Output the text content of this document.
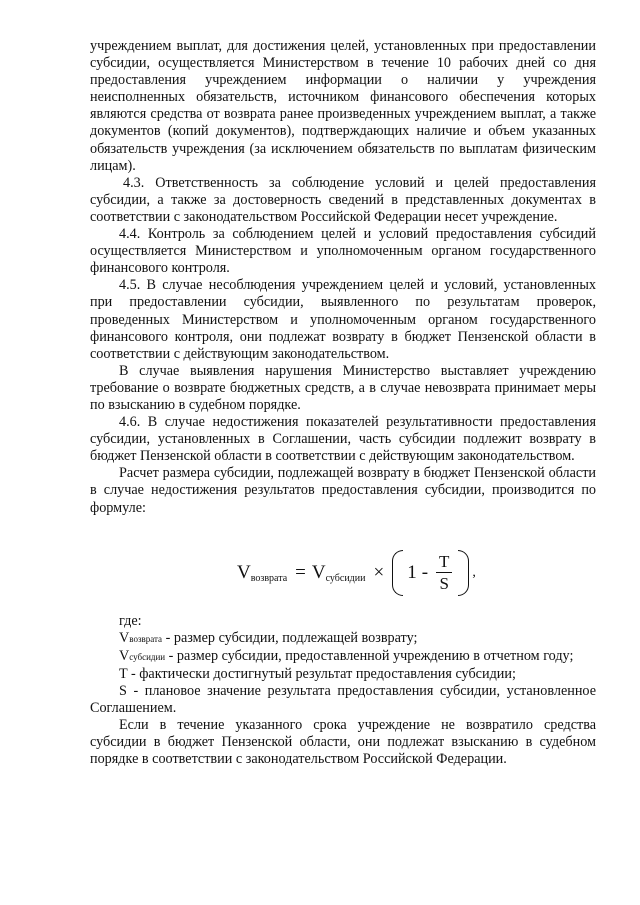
учреждением выплат, для достижения целей, установленных при предоставлении субсидии, осуществляется Министерством в течение 10 рабочих дней со дня предоставления учреждением информации о наличии у учреждения неисполненных обязательств, источником финансового обеспечения которых являются средства от возврата ранее произведенных учреждением выплат, а также документов (копий документов), подтверждающих наличие и объем указанных обязательств учреждения (за исключением обязательств по выплатам физическим лицам).

4.3. Ответственность за соблюдение условий и целей предоставления субсидии, а также за достоверность сведений в представленных документах в соответствии с законодательством Российской Федерации несет учреждение.

4.4. Контроль за соблюдением целей и условий предоставления субсидий осуществляется Министерством и уполномоченным органом государственного финансового контроля.

4.5. В случае несоблюдения учреждением целей и условий, установленных при предоставлении субсидии, выявленного по результатам проверок, проведенных Министерством и уполномоченным органом государственного финансового контроля, они подлежат возврату в бюджет Пензенской области в соответствии с действующим законодательством.

В случае выявления нарушения Министерство выставляет учреждению требование о возврате бюджетных средств, а в случае невозврата принимает меры по взысканию в судебном порядке.

4.6. В случае недостижения показателей результативности предоставления субсидии, установленных в Соглашении, часть субсидии подлежит возврату в бюджет Пензенской области в соответствии с действующим законодательством.

Расчет размера субсидии, подлежащей возврату в бюджет Пензенской области в случае недостижения результатов предоставления субсидии, производится по формуле:

V возврата = V субсидии × $1 - \frac{T}{S}$ ,

где:

Vвозврата - размер субсидии, подлежащей возврату;

Vсубсидии - размер субсидии, предоставленной учреждению в отчетном году;

T - фактически достигнутый результат предоставления субсидии;

S - плановое значение результата предоставления субсидии, установленное Соглашением.

Если в течение указанного срока учреждение не возвратило средства субсидии в бюджет Пензенской области, они подлежат взысканию в судебном порядке в соответствии с законодательством Российской Федерации.
